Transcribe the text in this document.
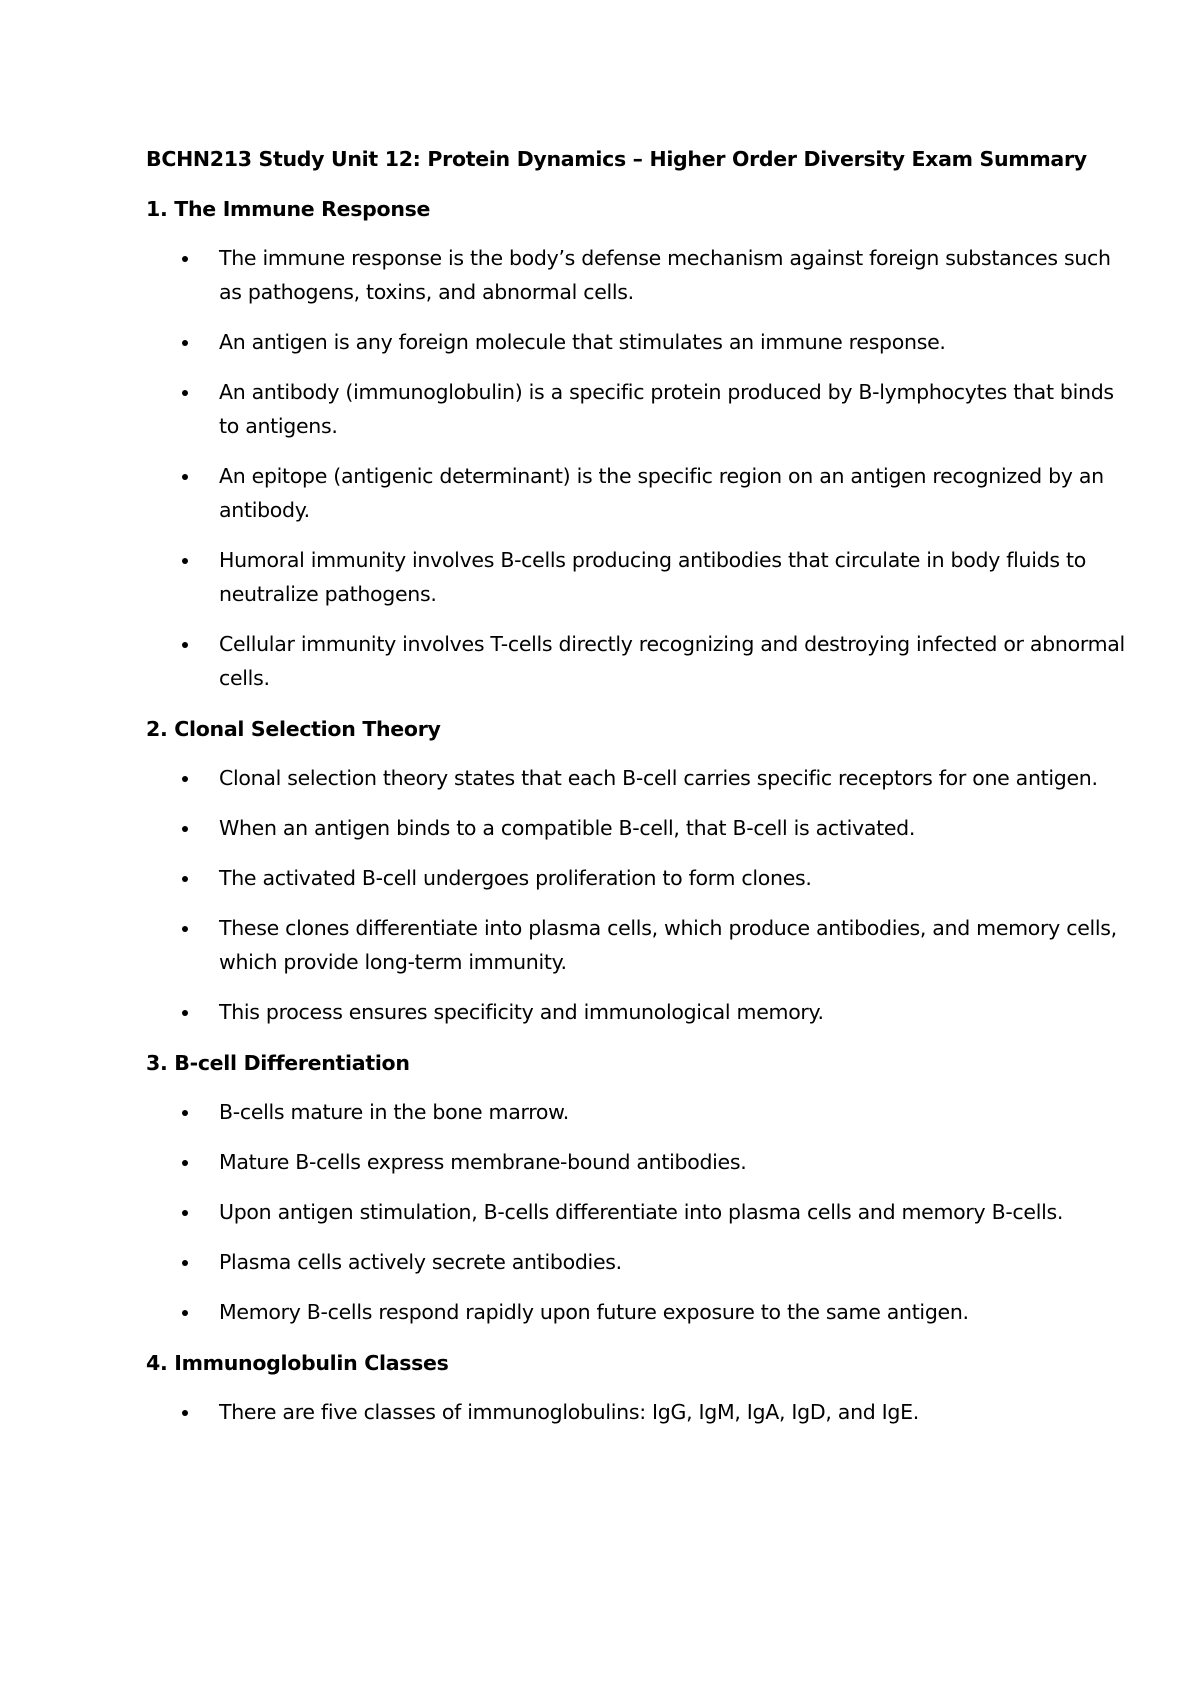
BCHN213 Study Unit 12: Protein Dynamics – Higher Order Diversity Exam Summary
1. The Immune Response
The immune response is the body’s defense mechanism against foreign substances such as pathogens, toxins, and abnormal cells.
An antigen is any foreign molecule that stimulates an immune response.
An antibody (immunoglobulin) is a specific protein produced by B-lymphocytes that binds to antigens.
An epitope (antigenic determinant) is the specific region on an antigen recognized by an antibody.
Humoral immunity involves B-cells producing antibodies that circulate in body fluids to neutralize pathogens.
Cellular immunity involves T-cells directly recognizing and destroying infected or abnormal cells.
2. Clonal Selection Theory
Clonal selection theory states that each B-cell carries specific receptors for one antigen.
When an antigen binds to a compatible B-cell, that B-cell is activated.
The activated B-cell undergoes proliferation to form clones.
These clones differentiate into plasma cells, which produce antibodies, and memory cells, which provide long-term immunity.
This process ensures specificity and immunological memory.
3. B-cell Differentiation
B-cells mature in the bone marrow.
Mature B-cells express membrane-bound antibodies.
Upon antigen stimulation, B-cells differentiate into plasma cells and memory B-cells.
Plasma cells actively secrete antibodies.
Memory B-cells respond rapidly upon future exposure to the same antigen.
4. Immunoglobulin Classes
There are five classes of immunoglobulins: IgG, IgM, IgA, IgD, and IgE.
